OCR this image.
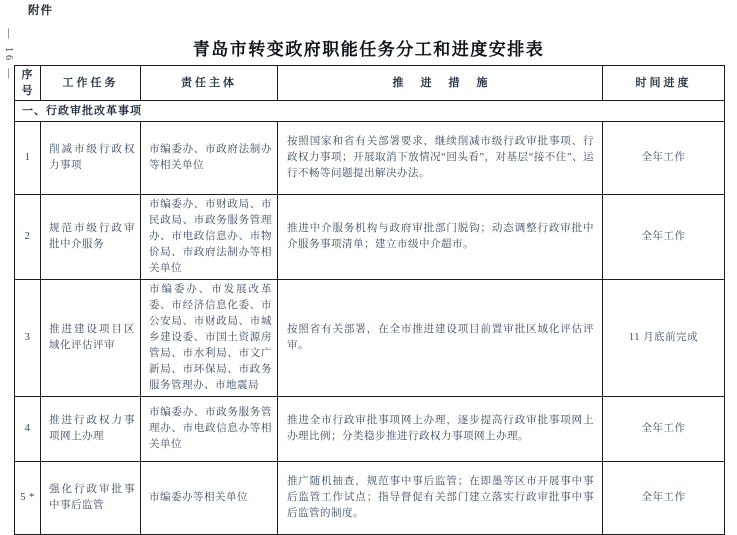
附件
— 16 —	青岛市转变政府职能任务分工和进度安排表
序号	工作任务	责任主体	推进措施	时间进度
一、行政审批改革事项				
1	削减市级行政权力事项	市编委办、市政府法制办等相关单位	按照国家和省有关部署要求，继续削减市级行政审批事项、行政权力事项；开展取消下放情况“回头看”，对基层“接不住”、运行不畅等问题提出解决办法。	全年工作
2	规范市级行政审批中介服务	市编委办、市财政局、市民政局、市政务服务管理办、市电政信息办、市物价局、市政府法制办等相关单位	推进中介服务机构与政府审批部门脱钩；动态调整行政审批中介服务事项清单；建立市级中介超市。	全年工作
3	推进建设项目区域化评估评审	市编委办、市发展改革委、市经济信息化委、市公安局、市财政局、市城乡建设委、市国土资源房管局、市水利局、市文广新局、市环保局、市政务服务管理办、市地震局	按照省有关部署，在全市推进建设项目前置审批区域化评估评审。	11 月底前完成
4	推进行政权力事项网上办理	市编委办、市政务服务管理办、市电政信息办等相关单位	推进全市行政审批事项网上办理，逐步提高行政审批事项网上办理比例；分类稳步推进行政权力事项网上办理。	全年工作
5 *	强化行政审批事中事后监管	市编委办等相关单位	推广随机抽查，规范事中事后监管；在即墨等区市开展事中事后监管工作试点；指导督促有关部门建立落实行政审批事中事后监管的制度。	全年工作
